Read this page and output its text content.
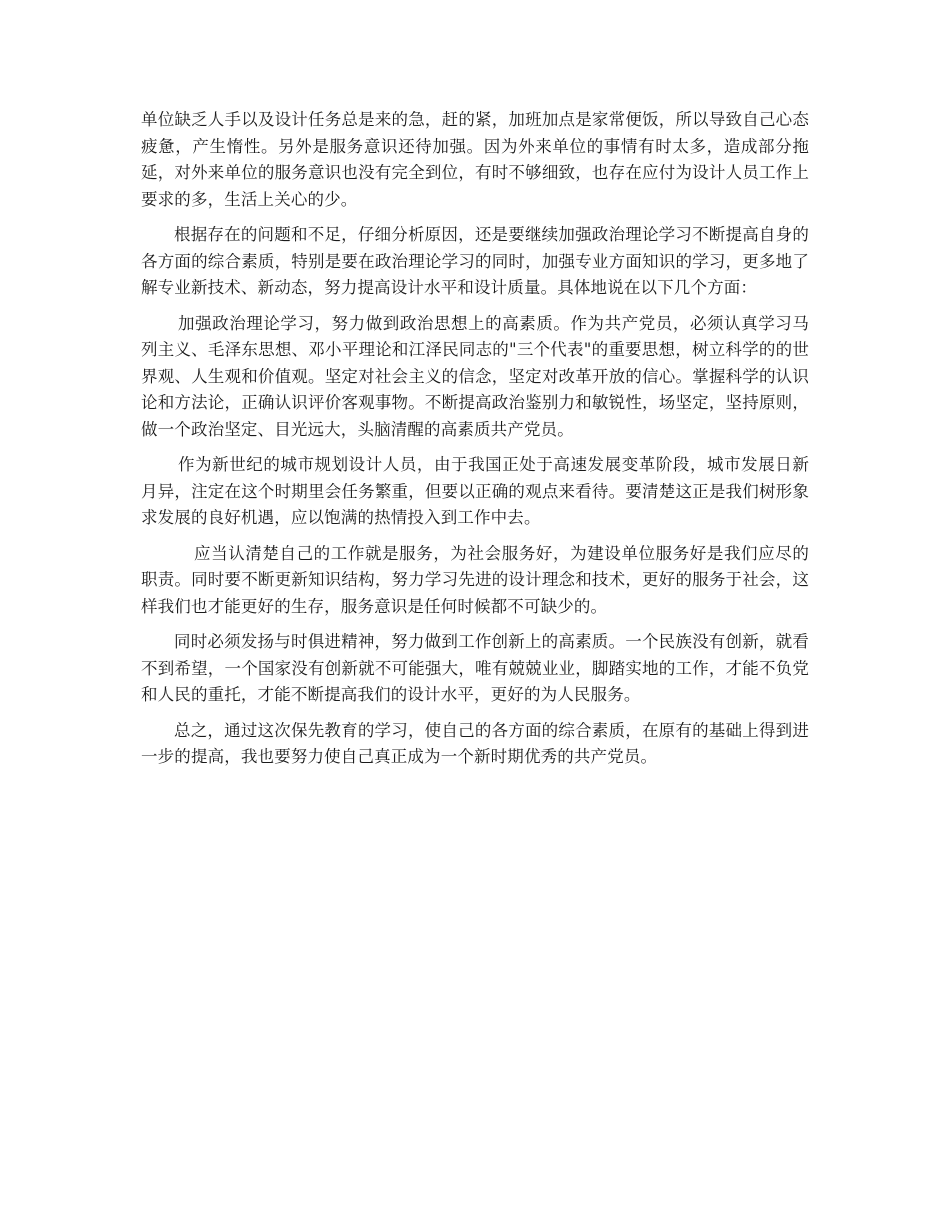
单位缺乏人手以及设计任务总是来的急，赶的紧，加班加点是家常便饭，所以导致自己心态疲惫，产生惰性。另外是服务意识还待加强。因为外来单位的事情有时太多，造成部分拖延，对外来单位的服务意识也没有完全到位，有时不够细致，也存在应付为设计人员工作上要求的多，生活上关心的少。

根据存在的问题和不足，仔细分析原因，还是要继续加强政治理论学习不断提高自身的各方面的综合素质，特别是要在政治理论学习的同时，加强专业方面知识的学习，更多地了解专业新技术、新动态，努力提高设计水平和设计质量。具体地说在以下几个方面：

加强政治理论学习，努力做到政治思想上的高素质。作为共产党员，必须认真学习马列主义、毛泽东思想、邓小平理论和江泽民同志的"三个代表"的重要思想，树立科学的的世界观、人生观和价值观。坚定对社会主义的信念，坚定对改革开放的信心。掌握科学的认识论和方法论，正确认识评价客观事物。不断提高政治鉴别力和敏锐性，场坚定，坚持原则，做一个政治坚定、目光远大，头脑清醒的高素质共产党员。

作为新世纪的城市规划设计人员，由于我国正处于高速发展变革阶段，城市发展日新月异，注定在这个时期里会任务繁重，但要以正确的观点来看待。要清楚这正是我们树形象求发展的良好机遇，应以饱满的热情投入到工作中去。

应当认清楚自己的工作就是服务，为社会服务好，为建设单位服务好是我们应尽的职责。同时要不断更新知识结构，努力学习先进的设计理念和技术，更好的服务于社会，这样我们也才能更好的生存，服务意识是任何时候都不可缺少的。

同时必须发扬与时俱进精神，努力做到工作创新上的高素质。一个民族没有创新，就看不到希望，一个国家没有创新就不可能强大，唯有兢兢业业，脚踏实地的工作，才能不负党和人民的重托，才能不断提高我们的设计水平，更好的为人民服务。

总之，通过这次保先教育的学习，使自己的各方面的综合素质，在原有的基础上得到进一步的提高，我也要努力使自己真正成为一个新时期优秀的共产党员。
